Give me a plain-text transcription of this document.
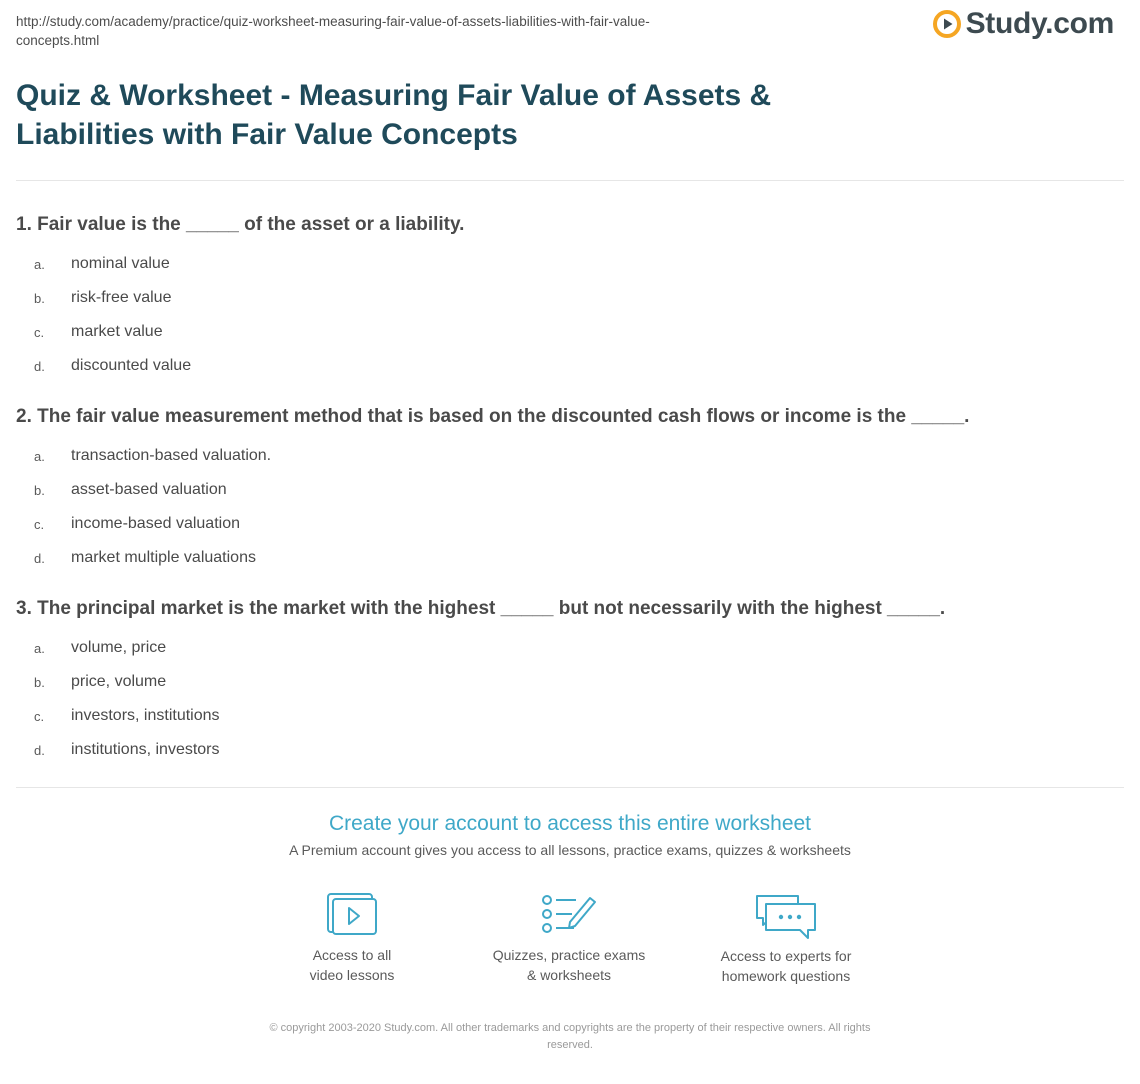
http://study.com/academy/practice/quiz-worksheet-measuring-fair-value-of-assets-liabilities-with-fair-value-
concepts.html
Study.com
Quiz & Worksheet - Measuring Fair Value of Assets &
Liabilities with Fair Value Concepts
1. Fair value is the _____ of the asset or a liability.
a.	nominal value
b.	risk-free value
c.	market value
d.	discounted value
2. The fair value measurement method that is based on the discounted cash flows or income is the _____.
a.	transaction-based valuation.
b.	asset-based valuation
c.	income-based valuation
d.	market multiple valuations
3. The principal market is the market with the highest _____ but not necessarily with the highest _____.
a.	volume, price
b.	price, volume
c.	investors, institutions
d.	institutions, investors
Create your account to access this entire worksheet
A Premium account gives you access to all lessons, practice exams, quizzes & worksheets
Access to all
video lessons
Quizzes, practice exams
& worksheets
Access to experts for
homework questions
© copyright 2003-2020 Study.com. All other trademarks and copyrights are the property of their respective owners. All rights
reserved.
